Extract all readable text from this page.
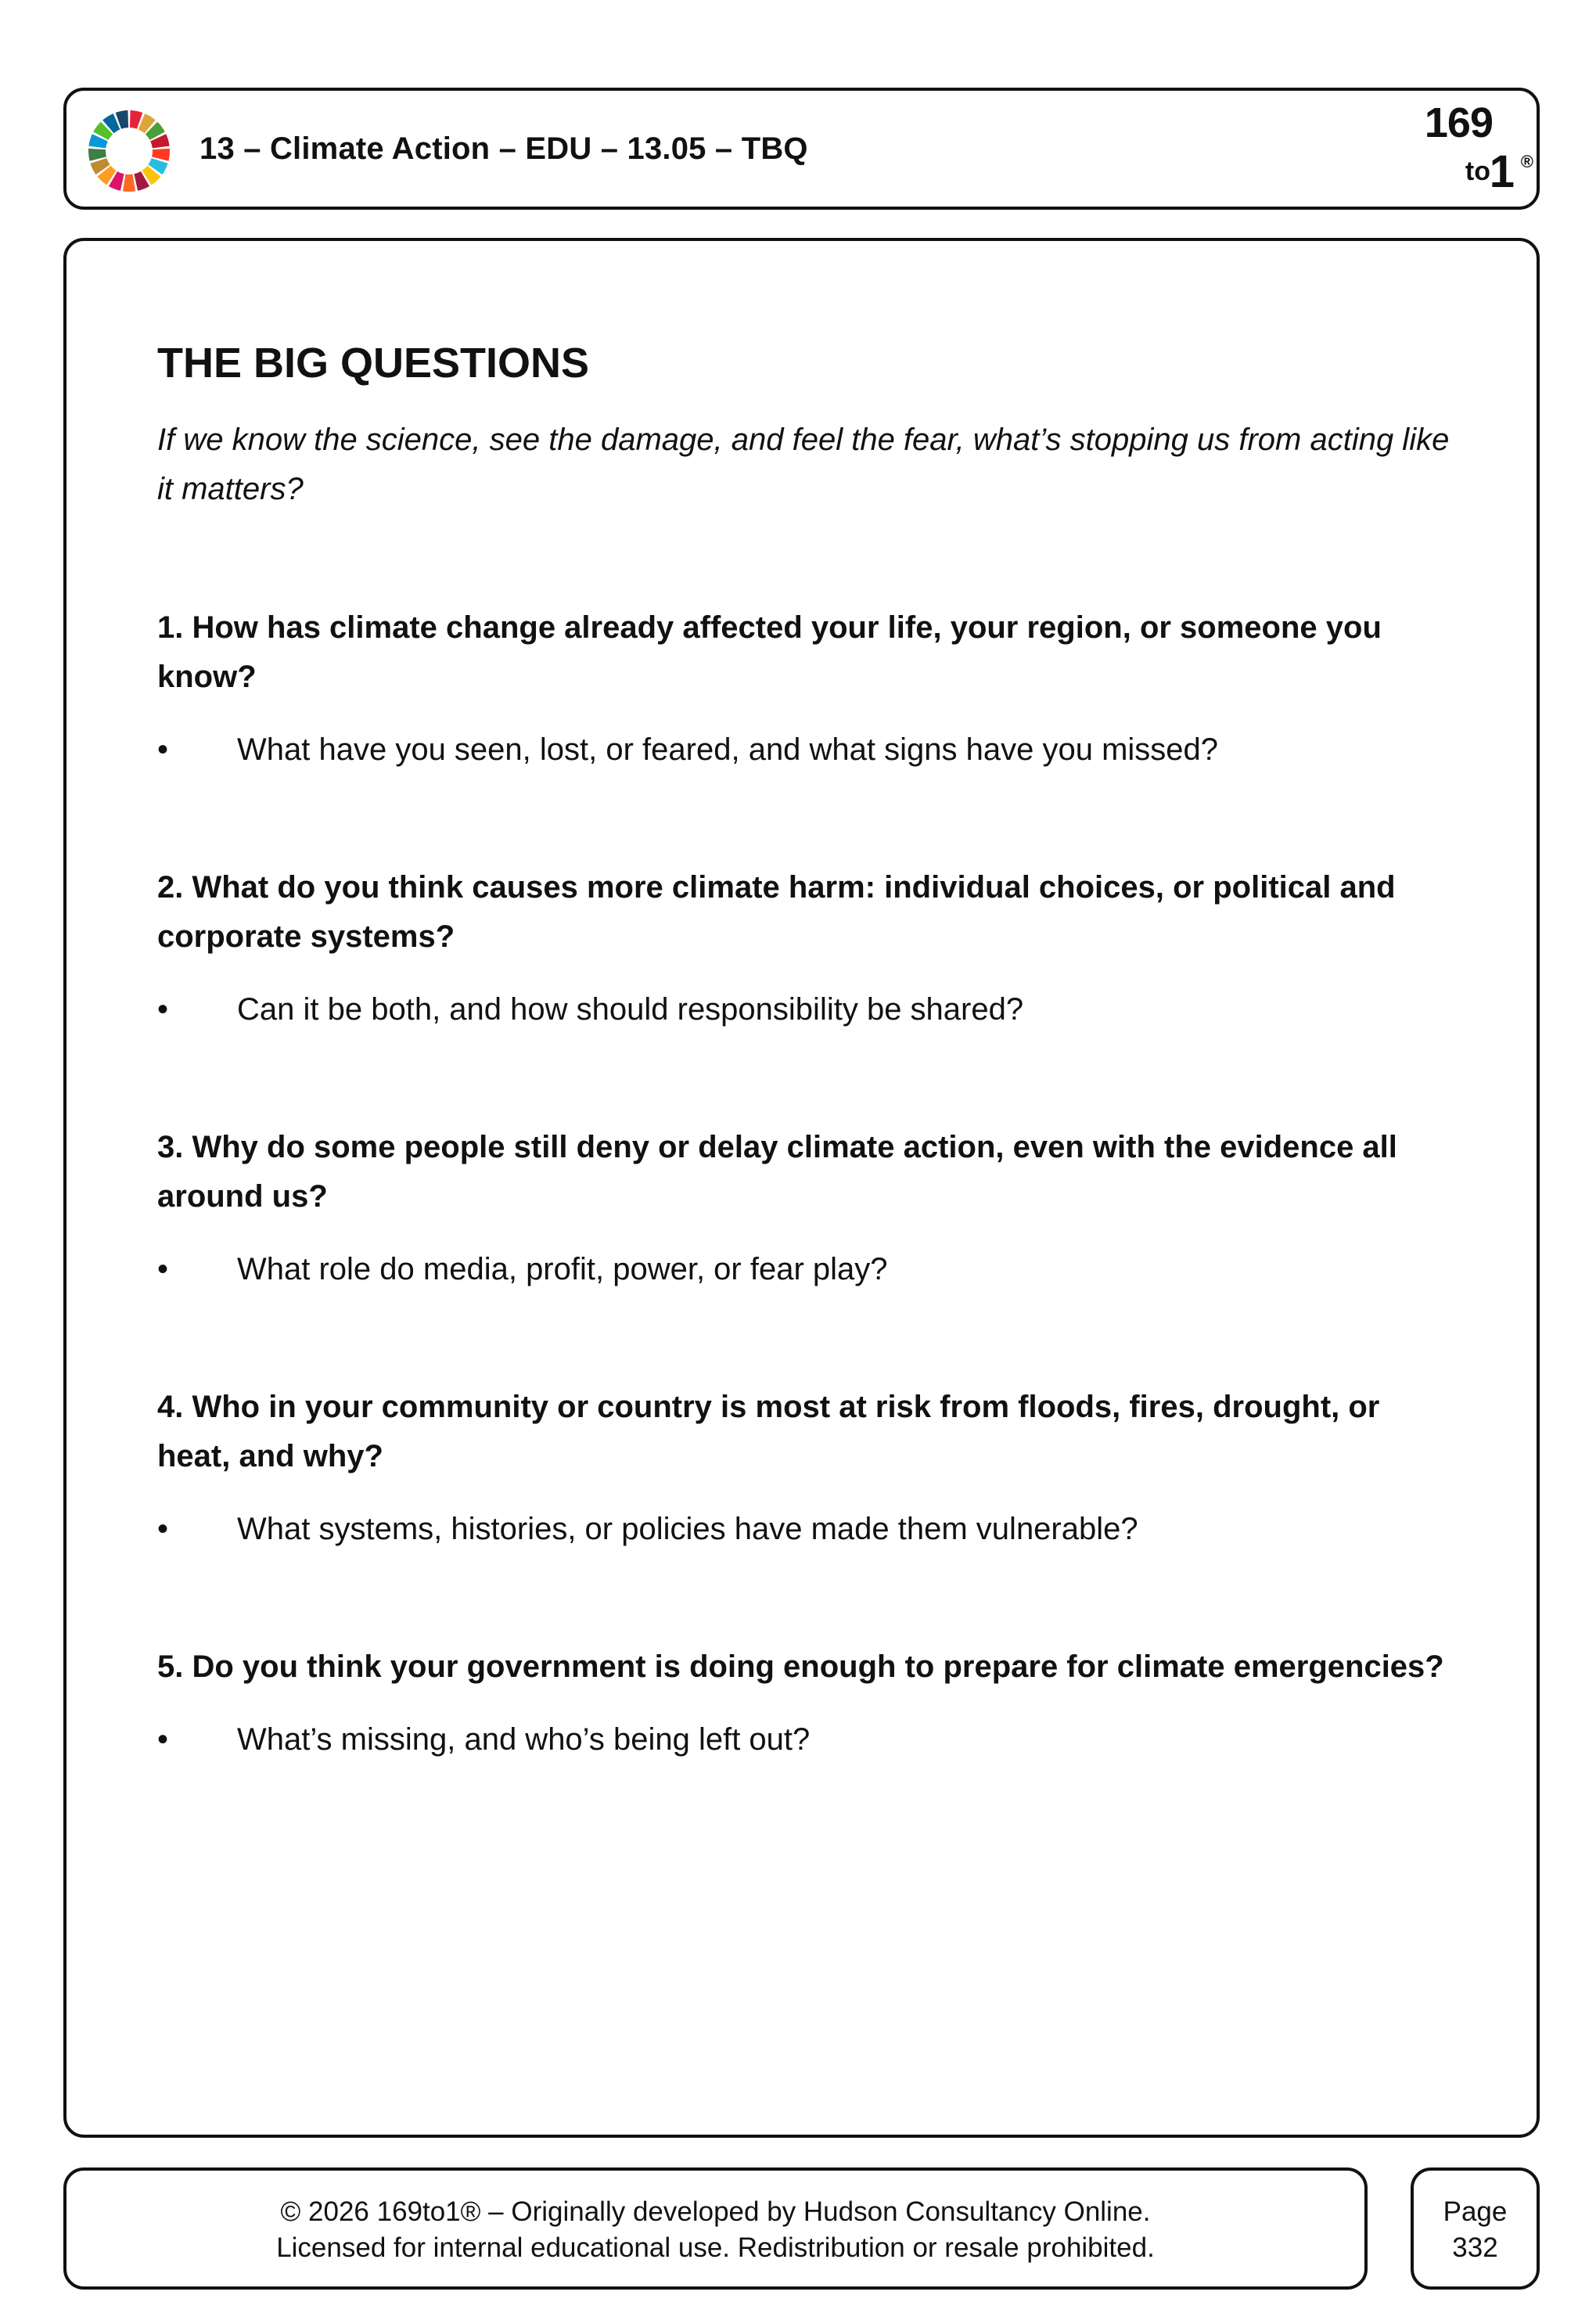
13 – Climate Action – EDU – 13.05 – TBQ
169
to
1 ®
THE BIG QUESTIONS

If we know the science, see the damage, and feel the fear, what’s stopping us from acting like it matters?

1. How has climate change already affected your life, your region, or someone you know?

• What have you seen, lost, or feared, and what signs have you missed?

2. What do you think causes more climate harm: individual choices, or political and corporate systems?

• Can it be both, and how should responsibility be shared?

3. Why do some people still deny or delay climate action, even with the evidence all around us?

• What role do media, profit, power, or fear play?

4. Who in your community or country is most at risk from floods, fires, drought, or heat, and why?

• What systems, histories, or policies have made them vulnerable?

5. Do you think your government is doing enough to prepare for climate emergencies?

• What’s missing, and who’s being left out?
© 2026 169to1® – Originally developed by Hudson Consultancy Online.
Licensed for internal educational use. Redistribution or resale prohibited.
Page
332
